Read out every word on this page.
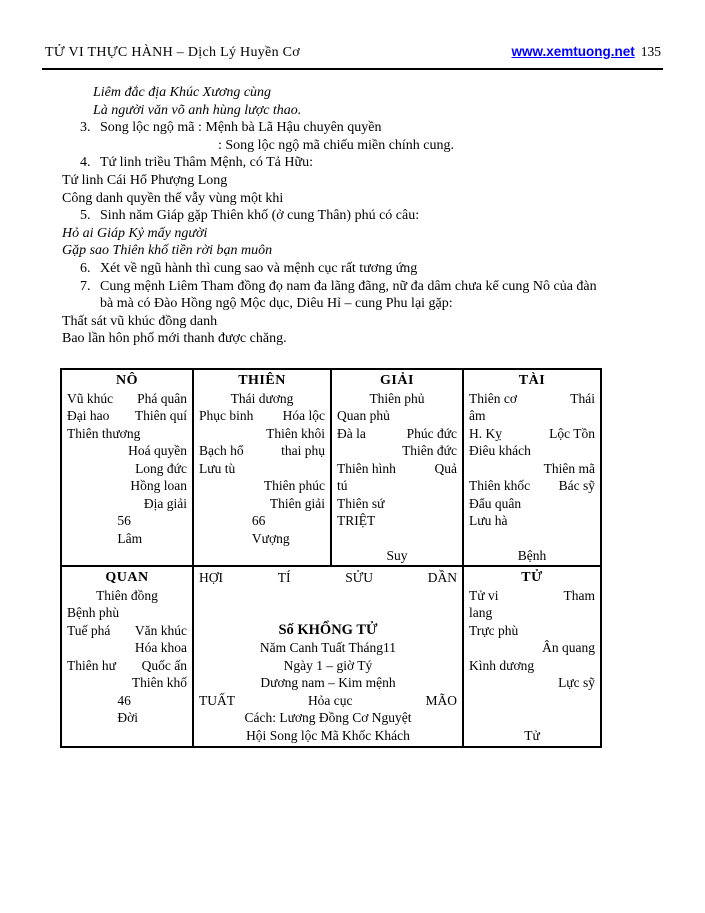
TỬ VI THỰC HÀNH – Dịch Lý Huyền Cơ	www.xemtuong.net 135
Liêm đắc địa Khúc Xương cùng
Là người văn võ anh hùng lược thao.
3. Song lộc ngộ mã : Mệnh bà Lã Hậu chuyên quyền
: Song lộc ngộ mã chiếu miền chính cung.
4. Tứ linh triều Thâm Mệnh, có Tả Hữu:
Tứ linh Cái Hổ Phượng Long
Công danh quyền thế vẫy vùng một khi
5. Sinh năm Giáp gặp Thiên khố (ở cung Thân) phú có câu:
Hỏ ai Giáp Kỷ mấy người
Gặp sao Thiên khố tiền rời bạn muôn
6. Xét về ngũ hành thì cung sao và mệnh cục rất tương ứng
7. Cung mệnh Liêm Tham đồng đọ nam đa lãng đãng, nữ đa dâm chưa kể cung Nô của đàn
bà mà có Đào Hồng ngộ Mộc dục, Diêu Hỉ – cung Phu lại gặp:
Thất sát vũ khúc đồng danh
Bao lần hôn phố mới thanh được chăng.
NÔ
Vũ khúc Phá quân
Đại hao Thiên quí
Thiên thương
Hoá quyền
Long đức
Hồng loan
Địa giải
56
Lâm

THIÊN
Thái dương
Phục binh Hóa lộc
Thiên khôi
Bạch hổ	thai phụ
Lưu tù
Thiên phúc
Thiên giải
66
Vượng

GIẢI
Thiên phủ
Quan phủ
Đà la	Phúc đức
Thiên đức
Thiên hình	Quả
tú
Thiên sứ
TRIỆT

Suy
TÀI
Thiên cơ	Thái
âm
H. Kỵ	Lộc Tồn
Điêu khách
Thiên mã
Thiên khốc Bác sỹ
Đẩu quân
Lưu hà

Bệnh
QUAN
Thiên đồng
Bệnh phù
Tuế phá Văn khúc
Hóa khoa
Thiên hư Quốc ấn
Thiên khố
46
Đời

HỢI	TÍ	SỬU	DẦN

Số KHỔNG TỬ
Năm Canh Tuất Tháng11
Ngày 1 – giờ Tý
Dương nam – Kim mệnh
TUẤT	Hỏa cục	MÃO
Cách: Lương Đồng Cơ Nguyệt
Hội Song lộc Mã Khốc Khách
TỬ
Tử vi	Tham
lang
Trực phù
Ân quang
Kình dương
Lực sỹ

Tử
